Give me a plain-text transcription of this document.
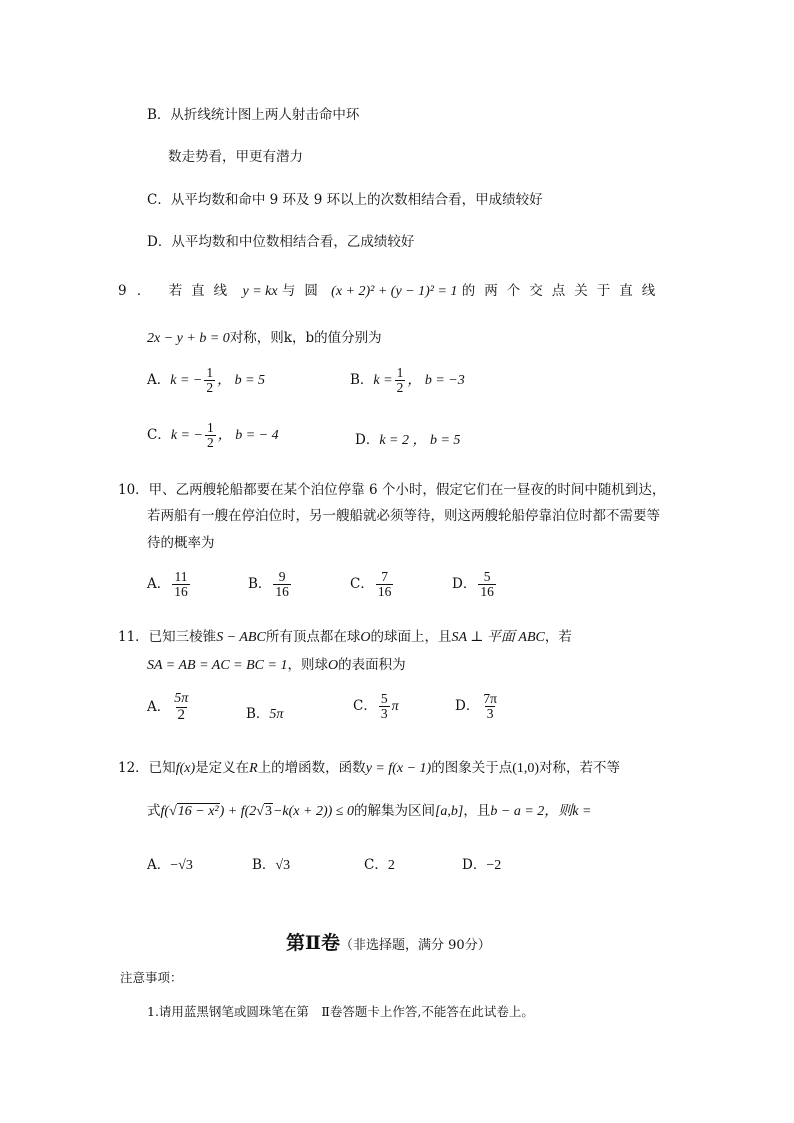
B．从折线统计图上两人射击命中环
数走势看，甲更有潜力
C．从平均数和命中 9 环及 9 环以上的次数相结合看，甲成绩较好
D．从平均数和中位数相结合看，乙成绩较好
9 ． 若直线 y = kx 与圆 (x + 2)² + (y − 1)² = 1 的两个交点关于直线
2x − y + b = 0对称，则k，b的值分别为
A．k = − $\frac{1}{2}$ ， b = 5	B．$k = \frac{1}{2}$ ， b = −3
C．k = − $\frac{1}{2}$ ， b = − 4	D．k = 2 ， b = 5
10．甲、乙两艘轮船都要在某个泊位停靠 6 个小时，假定它们在一昼夜的时间中随机到达，
若两船有一艘在停泊位时，另一艘船就必须等待，则这两艘轮船停靠泊位时都不需要等
待的概率为
A． $\frac{11}{16}$	B． $\frac{9}{16}$	C． $\frac{7}{16}$	D． $\frac{5}{16}$
11．已知三棱锥S − ABC所有顶点都在球O的球面上，且SA ⊥ 平面 ABC，若
SA = AB = AC = BC = 1，则球O的表面积为
A． $\frac{5\pi}{2}$	B．5π
C． $\frac{5}{3}$ π	D． $\frac{7\pi}{3}$
12．已知f(x)是定义在R上的增函数，函数y = f(x − 1)的图象关于点(1,0)对称，若不等
式f(√16 − x²) + f(2√3−k(x + 2)) ≤ 0的解集为区间[a,b]，且b − a = 2，则k =
A．−√3	B．√3	C．2	D．−2
第Ⅱ卷（非选择题，满分 90分）
注意事项：
1.请用蓝黑钢笔或圆珠笔在第　Ⅱ卷答题卡上作答,不能答在此试卷上。
